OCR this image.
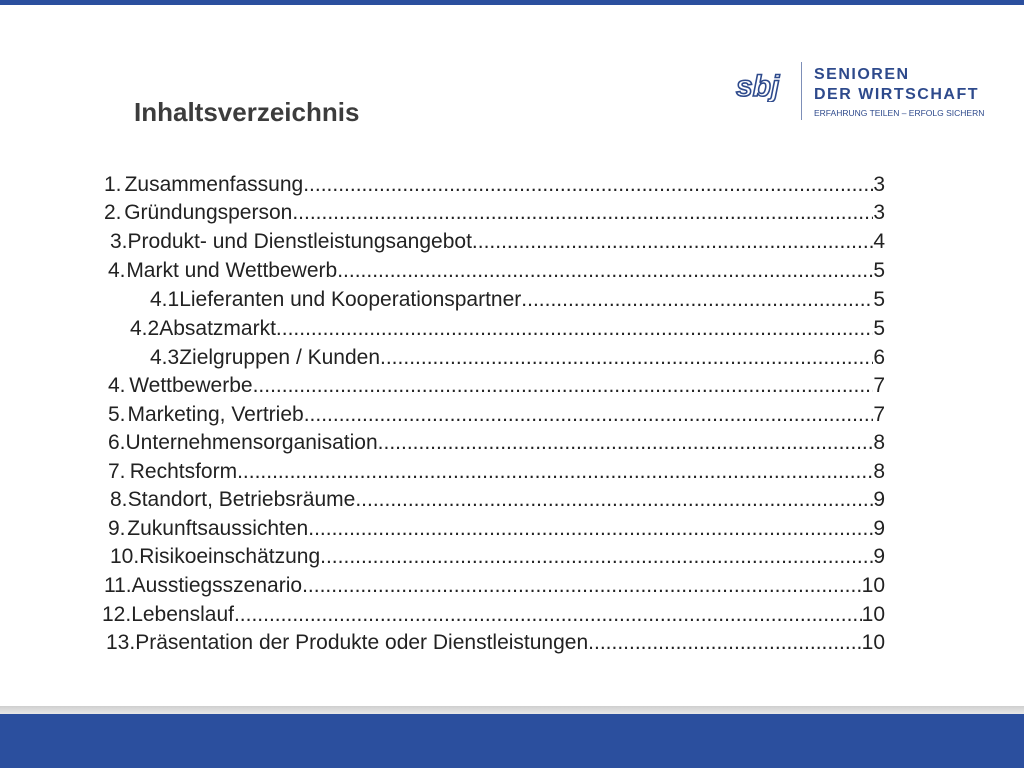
sbj SENIOREN
DER WIRTSCHAFT
ERFAHRUNG TEILEN – ERFOLG SICHERN
Inhaltsverzeichnis
1. Zusammenfassung .....	3
2. Gründungsperson .....	3
3. Produkt- und Dienstleistungsangebot .....	4
4. Markt und Wettbewerb .....	5
4.1 Lieferanten und Kooperationspartner .....	5
4.2 Absatzmarkt .....	5
4.3 Zielgruppen / Kunden .....	6
4. Wettbewerbe .....	7
5. Marketing, Vertrieb .....	7
6. Unternehmensorganisation .....	8
7. Rechtsform .....	8
8. Standort, Betriebsräume .....	9
9. Zukunftsaussichten .....	9
10. Risikoeinschätzung .....	9
11. Ausstiegsszenario .....	10
12. Lebenslauf .....	10
13. Präsentation der Produkte oder Dienstleistungen .....	10
